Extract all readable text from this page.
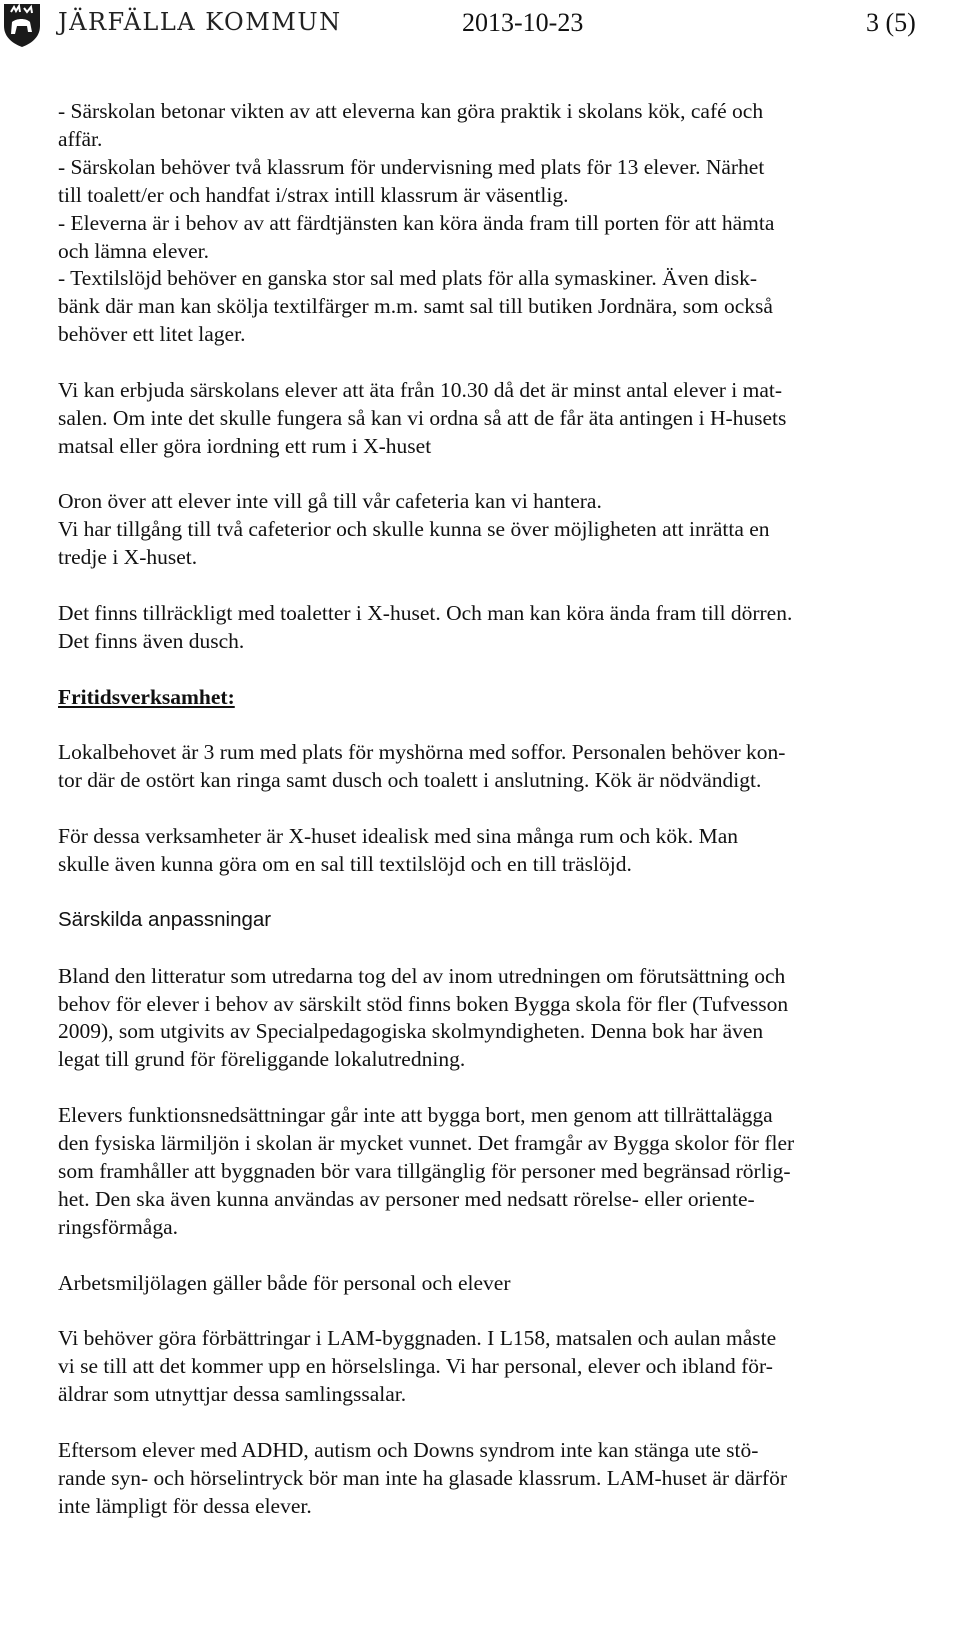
JÄRFÄLLA KOMMUN	2013-10-23	3 (5)
- Särskolan betonar vikten av att eleverna kan göra praktik i skolans kök, café och
affär.
- Särskolan behöver två klassrum för undervisning med plats för 13 elever. Närhet
till toalett/er och handfat i/strax intill klassrum är väsentlig.
- Eleverna är i behov av att färdtjänsten kan köra ända fram till porten för att hämta
och lämna elever.
- Textilslöjd behöver en ganska stor sal med plats för alla symaskiner. Även disk-
bänk där man kan skölja textilfärger m.m. samt sal till butiken Jordnära, som också
behöver ett litet lager.
Vi kan erbjuda särskolans elever att äta från 10.30 då det är minst antal elever i mat-
salen. Om inte det skulle fungera så kan vi ordna så att de får äta antingen i H-husets
matsal eller göra iordning ett rum i X-huset
Oron över att elever inte vill gå till vår cafeteria kan vi hantera.
Vi har tillgång till två cafeterior och skulle kunna se över möjligheten att inrätta en
tredje i X-huset.
Det finns tillräckligt med toaletter i X-huset. Och man kan köra ända fram till dörren.
Det finns även dusch.
Fritidsverksamhet:
Lokalbehovet är 3 rum med plats för myshörna med soffor. Personalen behöver kon-
tor där de ostört kan ringa samt dusch och toalett i anslutning. Kök är nödvändigt.
För dessa verksamheter är X-huset idealisk med sina många rum och kök. Man
skulle även kunna göra om en sal till textilslöjd och en till träslöjd.
Särskilda anpassningar
Bland den litteratur som utredarna tog del av inom utredningen om förutsättning och
behov för elever i behov av särskilt stöd finns boken Bygga skola för fler (Tufvesson
2009), som utgivits av Specialpedagogiska skolmyndigheten. Denna bok har även
legat till grund för föreliggande lokalutredning.
Elevers funktionsnedsättningar går inte att bygga bort, men genom att tillrättalägga
den fysiska lärmiljön i skolan är mycket vunnet. Det framgår av Bygga skolor för fler
som framhåller att byggnaden bör vara tillgänglig för personer med begränsad rörlig-
het. Den ska även kunna användas av personer med nedsatt rörelse- eller oriente-
ringsförmåga.
Arbetsmiljölagen gäller både för personal och elever
Vi behöver göra förbättringar i LAM-byggnaden. I L158, matsalen och aulan måste
vi se till att det kommer upp en hörselslinga. Vi har personal, elever och ibland för-
äldrar som utnyttjar dessa samlingssalar.
Eftersom elever med ADHD, autism och Downs syndrom inte kan stänga ute stö-
rande syn- och hörselintryck bör man inte ha glasade klassrum. LAM-huset är därför
inte lämpligt för dessa elever.
